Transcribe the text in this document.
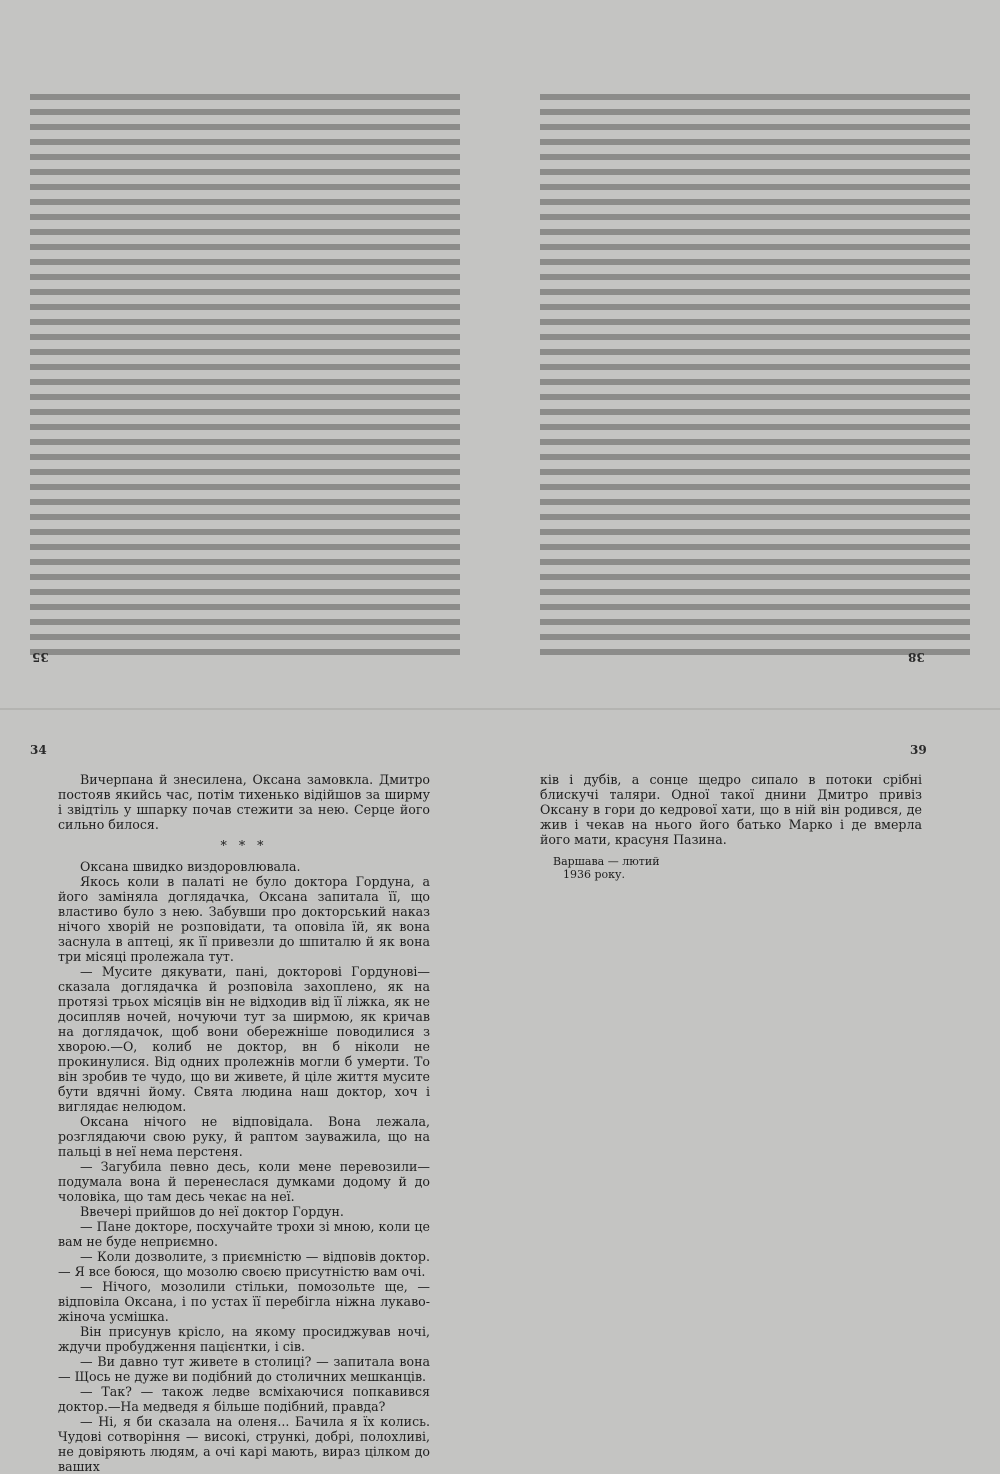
35	38
34	39

Вичерпана й знесилена, Оксана замовкла. Дмитро постояв якийсь час, потім тихенько відійшов за ширму і звідтіль у шпарку почав стежити за нею. Серце його сильно билося.

* * *

Оксана швидко виздоровлювала.

Якось коли в палаті не було доктора Гордуна, а його заміняла доглядачка, Оксана запитала її, що властиво було з нею. Забувши про докторський наказ нічого хворій не розповідати, та оповіла їй, як вона заснула в аптеці, як її привезли до шпиталю й як вона три місяці пролежала тут.

— Мусите дякувати, пані, докторові Гордунові—сказала доглядачка й розповіла захоплено, як на протязі трьох місяців він не відходив від її ліжка, як не досипляв ночей, ночуючи тут за ширмою, як кричав на доглядачок, щоб вони обережніше поводилися з хворою.—О, колиб не доктор, вн б ніколи не прокинулися. Від одних пролежнів могли б умерти. То він зробив те чудо, що ви живете, й ціле життя мусите бути вдячні йому. Свята людина наш доктор, хоч і виглядає нелюдом.

Оксана нічого не відповідала. Вона лежала, розглядаючи свою руку, й раптом зауважила, що на пальці в неї нема перстеня.

— Загубила певно десь, коли мене перевозили—подумала вона й перенеслася думками додому й до чоловіка, що там десь чекає на неї.

Ввечері прийшов до неї доктор Гордун.

— Пане докторе, посхучайте трохи зі мною, коли це вам не буде неприємно.

— Коли дозволите, з приємністю — відповів доктор. — Я все боюся, що мозолю своєю присутністю вам очі.

— Нічого, мозолили стільки, помозольте ще, — відповіла Оксана, і по устах її перебігла ніжна лукаво-жіноча усмішка.

Він присунув крісло, на якому просиджував ночі, ждучи пробудження пацієнтки, і сів.

— Ви давно тут живете в столиці? — запитала вона — Щось не дуже ви подібний до столичних мешканців.

— Так? — також ледве всміхаючися попкавився доктор.—На медведя я більше подібний, правда?

— Ні, я би сказала на оленя... Бачила я їх колись. Чудові сотворіння — високі, стрункі, добрі, полохливі, не довіряють людям, а очі карі мають, вираз цілком до ваших

ків і дубів, а сонце щедро сипало в потоки срібні блискучі таляри. Одної такої днини Дмитро привіз Оксану в гори до кедрової хати, що в ній він родився, де жив і чекав на нього його батько Марко і де вмерла його мати, красуня Пазина.

Варшава — лютий
1936 року.
